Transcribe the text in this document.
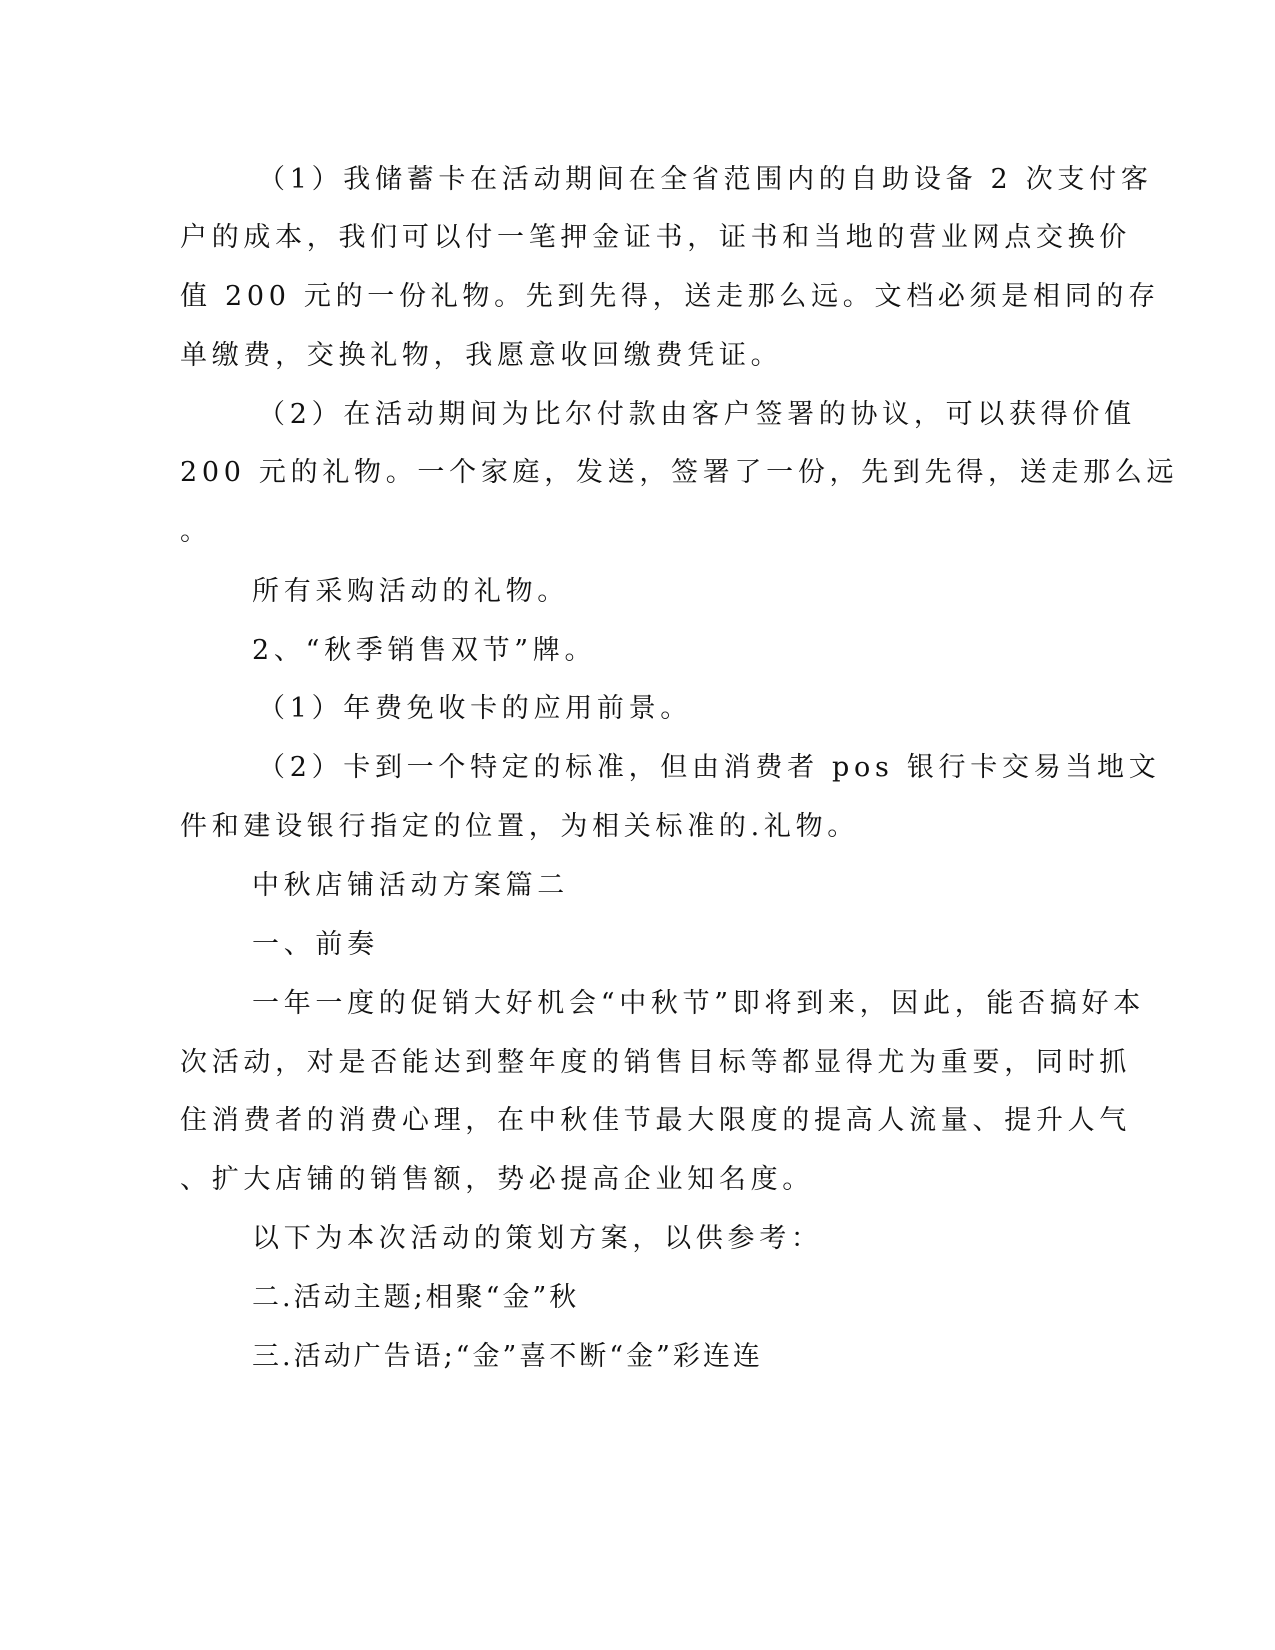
（1）我储蓄卡在活动期间在全省范围内的自助设备 2 次支付客
户的成本，我们可以付一笔押金证书，证书和当地的营业网点交换价
值 200 元的一份礼物。先到先得，送走那么远。文档必须是相同的存
单缴费，交换礼物，我愿意收回缴费凭证。
（2）在活动期间为比尔付款由客户签署的协议，可以获得价值
200 元的礼物。一个家庭，发送，签署了一份，先到先得，送走那么远
。
所有采购活动的礼物。
2、“秋季销售双节”牌。
（1）年费免收卡的应用前景。
（2）卡到一个特定的标准，但由消费者 pos 银行卡交易当地文
件和建设银行指定的位置，为相关标准的.礼物。
中秋店铺活动方案篇二
一、前奏
一年一度的促销大好机会“中秋节”即将到来，因此，能否搞好本
次活动，对是否能达到整年度的销售目标等都显得尤为重要，同时抓
住消费者的消费心理，在中秋佳节最大限度的提高人流量、提升人气
、扩大店铺的销售额，势必提高企业知名度。
以下为本次活动的策划方案，以供参考：
二.活动主题;相聚“金”秋
三.活动广告语;“金”喜不断“金”彩连连
